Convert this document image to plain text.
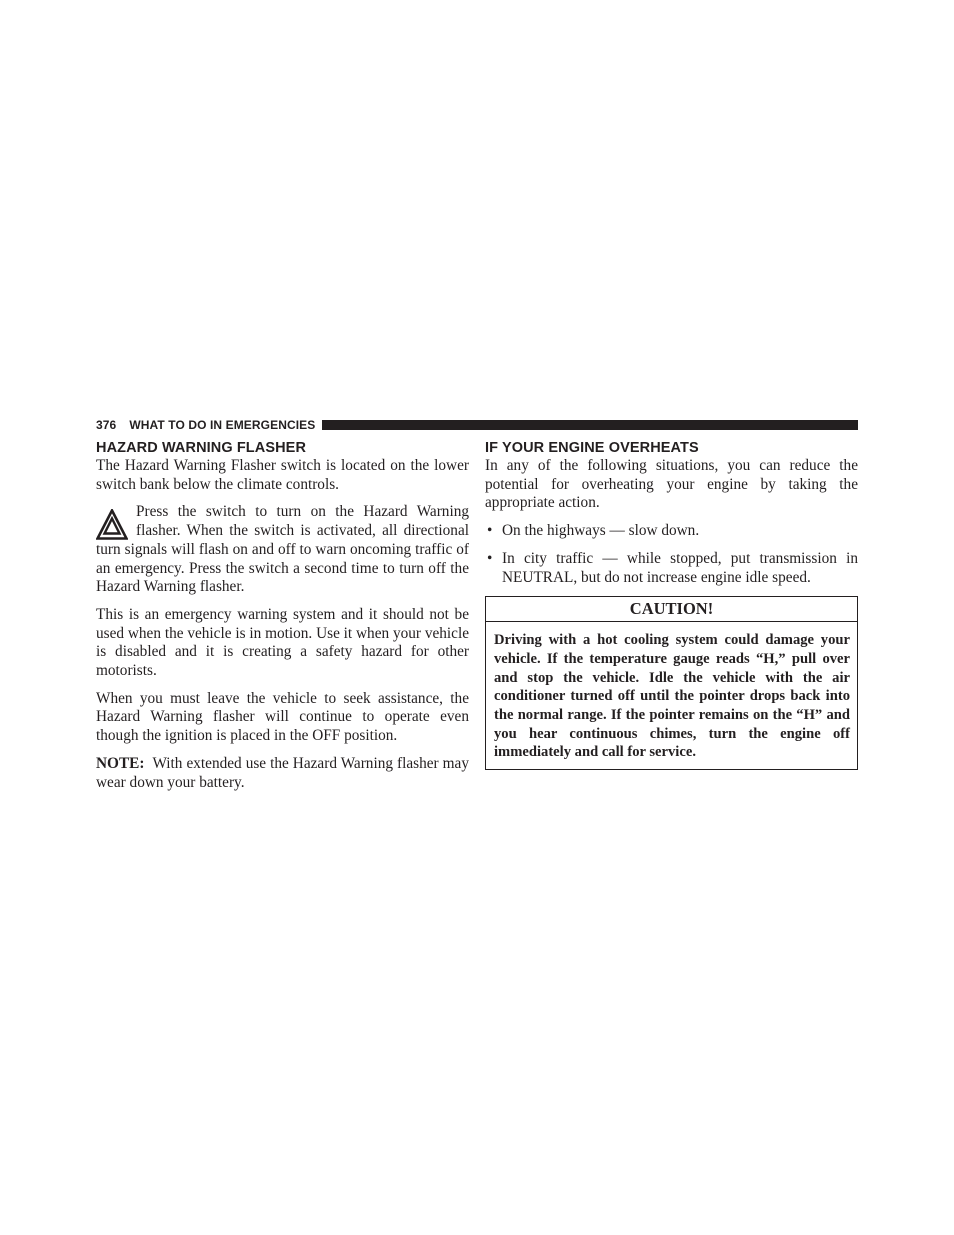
376 WHAT TO DO IN EMERGENCIES
HAZARD WARNING FLASHER

The Hazard Warning Flasher switch is located on the lower switch bank below the climate controls.

Press the switch to turn on the Hazard Warning flasher. When the switch is activated, all directional turn signals will flash on and off to warn oncoming traffic of an emergency. Press the switch a second time to turn off the Hazard Warning flasher.

This is an emergency warning system and it should not be used when the vehicle is in motion. Use it when your vehicle is disabled and it is creating a safety hazard for other motorists.

When you must leave the vehicle to seek assistance, the Hazard Warning flasher will continue to operate even though the ignition is placed in the OFF position.

NOTE: With extended use the Hazard Warning flasher may wear down your battery.

IF YOUR ENGINE OVERHEATS

In any of the following situations, you can reduce the potential for overheating your engine by taking the appropriate action.

• On the highways — slow down.
• In city traffic — while stopped, put transmission in NEUTRAL, but do not increase engine idle speed.
CAUTION!
Driving with a hot cooling system could damage your vehicle. If the temperature gauge reads “H,” pull over and stop the vehicle. Idle the vehicle with the air conditioner turned off until the pointer drops back into the normal range. If the pointer remains on the “H” and you hear continuous chimes, turn the engine off immediately and call for service.
